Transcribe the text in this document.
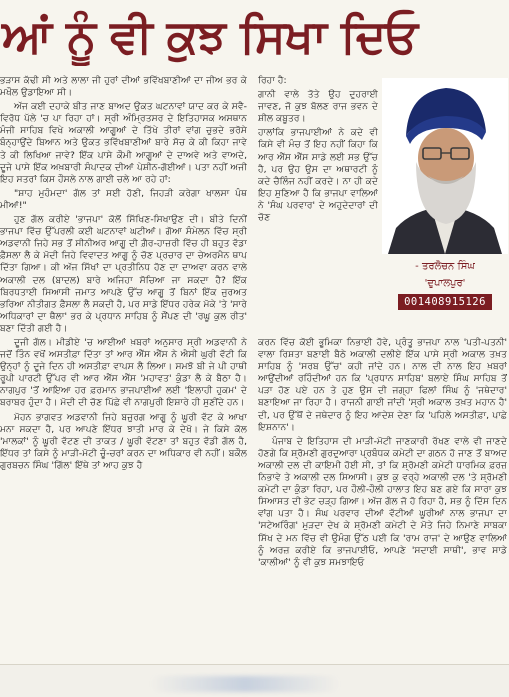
ਆਂ ਨੂੰ ਵੀ ਕੁਝ ਸਿਖਾ ਦਿਓ

ਭੜਾਸ ਕੱਢੀ ਸੀ ਅਤੇ ਲਾਲਾ ਜੀ ਹੁਰਾਂ ਦੀਆਂ ਭਵਿੱਖਬਾਣੀਆਂ ਦਾ ਜੀਅ ਭਰ ਕੇ ਮਖੌਲ ਉਡਾਇਆ ਸੀ।

ਅੱਜ ਕਈ ਦਹਾਕੇ ਬੀਤ ਜਾਣ ਬਾਅਦ ਉਕਤ ਘਟਨਾਵਾਂ ਯਾਦ ਕਰ ਕੇ ਸਵੈ-ਵਿਰੋਧ ਪੱਲੇ 'ਚ ਪਾ ਰਿਹਾ ਹਾਂ। ਸ੍ਰੀ ਅੰਮ੍ਰਿਤਸਰ ਦੇ ਇਤਿਹਾਸਕ ਅਸਥਾਨ ਮੰਜੀ ਸਾਹਿਬ ਵਿਖੇ ਅਕਾਲੀ ਆਗੂਆਂ ਦੇ ਤਿੱਖੇ ਤੀਰਾਂ ਵਾਂਗ ਚੁਭਦੇ ਭਰੋਸੇ ਬੰਨ੍ਹਾਉਂਦੇ ਬਿਆਨ ਅਤੇ ਉਕਤ ਭਵਿੱਖਬਾਣੀਆਂ ਬਾਰੇ ਸੋਚ ਕੇ ਕੀ ਕਿਹਾ ਜਾਵੇ ਤੇ ਕੀ ਲਿਖਿਆ ਜਾਵੇ? ਇੱਕ ਪਾਸੇ ਕੌਮੀ ਆਗੂਆਂ ਦੇ ਦਾਅਵੇ ਅਤੇ ਵਾਅਦੇ, ਦੂਜੇ ਪਾਸੇ ਇੱਕ ਅਖ਼ਬਾਰੀ ਸੰਪਾਦਕ ਦੀਆਂ ਪੇਸ਼ੀਨ-ਗੋਈਆਂ। ਪਤਾ ਨਹੀਂ ਅਜੀ ਇਹ ਸਤਰਾਂ ਕਿਸ ਹੌਸਲੇ ਨਾਲ ਗਾਈ ਚਲੇ ਆ ਰਹੇ ਹਾਂ:

"ਸ਼ਾਹ ਮੁਹੰਮਦਾ' ਗੱਲ ਤਾਂ ਸਈ ਹੋਣੀ, ਜਿਹੜੀ ਕਰੇਗਾ ਖਾਲਸਾ ਪੰਥ ਮੀਆਂ!"

ਹੁਣ ਗੱਲ ਕਰੀਏ 'ਭਾਜਪਾ' ਕੋਲੋਂ ਸਿੱਖਿਣ-ਸਿਖਾਉਣ ਦੀ। ਬੀਤੇ ਦਿਨੀਂ ਭਾਜਪਾ ਵਿੱਚ ਉੱਪਰਲੀ ਕਈ ਘਟਨਾਵਾਂ ਘਟੀਆਂ। ਗੋਆ ਸੰਮੇਲਨ ਵਿੱਚ ਸ੍ਰੀ ਅਡਵਾਨੀ ਜਿਹੇ ਸਭ ਤੋਂ ਸੀਨੀਅਰ ਆਗੂ ਦੀ ਗ਼ੈਰ-ਹਾਜ਼ਰੀ ਵਿੱਚ ਹੀ ਬਹੁਤ ਵੱਡਾ ਫ਼ੈਸਲਾ ਲੈ ਕੇ ਮੋਦੀ ਜਿਹੇ ਵਿਵਾਦਤ ਆਗੂ ਨੂੰ ਚੋਣ ਪ੍ਰਚਾਰ ਦਾ ਚੇਅਰਮੈਨ ਥਾਪ ਦਿੱਤਾ ਗਿਆ। ਕੀ ਅੱਜ ਸਿੱਖਾਂ ਦਾ ਪ੍ਰਤੀਨਿਧ ਹੋਣ ਦਾ ਦਾਅਵਾ ਕਰਨ ਵਾਲੇ ਅਕਾਲੀ ਦਲ (ਬਾਦਲ) ਬਾਰੇ ਅਜਿਹਾ ਸੋਚਿਆ ਜਾ ਸਕਦਾ ਹੈ? ਇੱਕ ਬਿਰਧਤਾਈ ਸਿਆਸੀ ਜਮਾਤ ਆਪਣੇ ਉੱਚ ਆਗੂ ਤੋਂ ਬਿਨਾਂ ਇੱਕ ਜੁਰਅਤ ਭਰਿਆ ਨੀਤੀਗਤ ਫ਼ੈਸਲਾ ਲੈ ਸਕਦੀ ਹੈ, ਪਰ ਸਾਡੇ ਇੱਧਰ ਹਰੇਕ ਮੋਕੇ 'ਤੇ 'ਸਾਰੇ ਅਧਿਕਾਰਾਂ ਦਾ ਥੈਲਾ' ਭਰ ਕੇ ਪ੍ਰਧਾਨ ਸਾਹਿਬ ਨੂੰ ਸੌਂਪਣ ਦੀ 'ਰਘੂ ਕੁਲ ਰੀਤ' ਬਣਾ ਦਿੱਤੀ ਗਈ ਹੈ।

ਦੂਜੀ ਗੱਲ। ਮੀਡੀਏ 'ਚ ਆਈਆਂ ਖ਼ਬਰਾਂ ਅਨੁਸਾਰ ਸ੍ਰੀ ਅਡਵਾਨੀ ਨੇ ਜਦੋਂ ਤਿੰਨ ਵਖੋਂ ਅਸਤੀਫ਼ਾ ਦਿੱਤਾ ਤਾਂ ਆਰ ਐੱਸ ਐੱਸ ਨੇ ਐਸੀ ਘੁਰੀ ਵੱਟੀ ਕਿ ਉਨ੍ਹਾਂ ਨੂੰ ਦੂਜੇ ਦਿਨ ਹੀ ਅਸਤੀਫ਼ਾ ਵਾਪਸ ਲੈ ਲਿਆ। ਸਮਝੋ ਬੀ ਜੇ ਪੀ ਹਾਥੀ ਰੂਪੀ ਪਾਰਟੀ ਉੱਪਰ ਵੀ ਆਰ ਐੱਸ ਐੱਸ 'ਮਹਾਵਤ' ਕੁੰਡਾ ਲੈ ਕੇ ਬੈਠਾ ਹੈ। ਨਾਗਪੁਰ 'ਤੋਂ ਆਇਆ ਹਰ ਫ਼ਰਮਾਨ ਭਾਜਪਾਈਆਂ ਲਈ 'ਇਲਾਹੀ ਹੁਕਮ' ਦੇ ਬਰਾਬਰ ਹੁੰਦਾ ਹੈ। ਮੋਦੀ ਦੀ ਚੋਣ ਪਿੱਛੇ ਵੀ ਨਾਗਪੁਰੀ ਇਸ਼ਾਰੇ ਹੀ ਸੁਣੀਂਦੇ ਹਨ।

ਮੋਹਨ ਭਾਗਵਤ ਅਡਵਾਨੀ ਜਿਹੇ ਬਜ਼ੁਰਗ ਆਗੂ ਨੂੰ ਘੂਰੀ ਵੱਟ ਕੇ ਆਖਾ ਮਨਾ ਸਕਦਾ ਹੈ, ਪਰ ਆਪਣੇ ਇੱਧਰ ਝਾਤੀ ਮਾਰ ਕੇ ਦੇਖੋ। ਜੇ ਕਿਸੇ ਕੋਲ 'ਮਾਲਕਾਂ' ਨੂੰ ਘੂਰੀ ਵੱਟਣ ਦੀ ਤਾਕਤ / ਘੂਰੀ ਵੱਟਣਾ ਤਾਂ ਬਹੁਤ ਵੱਡੀ ਗੱਲ ਹੈ, ਇੱਧਰ ਤਾਂ ਕਿਸੇ ਨੂੰ ਮਾੜੀ-ਮੋਟੀ ਚੂੰ-ਚਰਾਂ ਕਰਨ ਦਾ ਅਧਿਕਾਰ ਵੀ ਨਹੀਂ। ਬਕੌਲ ਗੁਰਬਚਨ ਸਿੰਘ 'ਗਿੱਲ' ਇੱਥੇ ਤਾਂ ਆਹ ਕੁਝ ਹੈ

ਰਿਹਾ ਹੈ:

ਗਾਨੀ ਵਾਲੇ ਤੋਤੇ ਉਹ ਦੁਹਰਾਈ ਜਾਵਣ, ਜੋ ਕੁਝ ਬੋਲਣ ਰਾਜ ਭਵਨ ਦੇ ਸ਼ੀਲ ਕਬੂਤਰ।

ਹਾਲਾਂਕਿ ਭਾਜਪਾਈਆਂ ਨੇ ਕਦੇ ਵੀ ਕਿਸੇ ਵੀ ਮੰਚ ਤੋਂ ਇਹ ਨਹੀਂ ਕਿਹਾ ਕਿ ਆਰ ਐੱਸ ਐੱਸ ਸਾਡੇ ਲਈ ਸਭ ਉੱਚ ਹੈ, ਪਰ ਉਹ ਉਸ ਦਾ ਅਥਾਰਟੀ ਨੂੰ ਕਦੇ ਚੈਲਿੰਜ ਨਹੀਂ ਕਰਦੇ। ਨਾ ਹੀ ਕਦੇ ਇਹ ਸੁਣਿਆ ਹੈ ਕਿ ਭਾਜਪਾ ਵਾਲਿਆਂ ਨੇ 'ਸੰਘ ਪਰਵਾਰ' ਦੇ ਅਹੁਦੇਦਾਰਾਂ ਦੀ ਚੋਣ

- ਤਰਲੋਚਨ ਸਿੰਘ
'ਦੁਪਾਲਪੁਰ'
001408915126

ਕਰਨ ਵਿੱਚ ਕੋਈ ਭੂਮਿਕਾ ਨਿਭਾਈ ਹੋਵੇ, ਪ੍ਰੰਤੂ ਭਾਜਪਾ ਨਾਲ 'ਪਤੀ-ਪਤਨੀ' ਵਾਲਾ ਰਿਸ਼ਤਾ ਬਣਾਈ ਬੈਠੇ ਅਕਾਲੀ ਦਲੀਏ ਇੱਕ ਪਾਸੇ ਸ੍ਰੀ ਅਕਾਲ ਤਖ਼ਤ ਸਾਹਿਬ ਨੂੰ 'ਸਰਬ ਉੱਚ' ਕਹੀ ਜਾਂਦੇ ਹਨ। ਨਾਲ ਦੀ ਨਾਲ ਇਹ ਖ਼ਬਰਾਂ ਆਉਂਦੀਆਂ ਰਹਿੰਦੀਆਂ ਹਨ ਕਿ 'ਪ੍ਰਧਾਨ ਸਾਹਿਬ' ਬਲਾਏ ਸਿੰਘ ਸਾਹਿਬ ਤੋਂ ਪੜਾ ਹੋਣ ਪਏ ਹਨ ਤੇ ਹੁਣ ਉਸ ਦੀ ਜਗ੍ਹਾ ਫਿਲਾਂ ਸਿੰਘ ਨੂੰ 'ਜਥੇਦਾਰ' ਬਣਾਇਆ ਜਾ ਰਿਹਾ ਹੈ। ਰਾਜਨੀ ਗਾਈ ਜਾਂਦੀ 'ਸ੍ਰੀ ਅਕਾਲ ਤਖ਼ਤ ਮਹਾਨ ਹੈ' ਦੀ, ਪਰ ਉੱਥੋਂ ਦੇ ਜਥੇਦਾਰ ਨੂੰ ਇਹ ਆਦੇਸ਼ ਦੇਣਾ ਕਿ 'ਪਹਿਲੇ ਅਸਤੀਫ਼ਾ, ਪਾਛੇ ਇਸ਼ਨਾਨ'।

ਪੰਜਾਬ ਦੇ ਇਤਿਹਾਸ ਦੀ ਮਾੜੀ-ਮੋਟੀ ਜਾਣਕਾਰੀ ਰੱਖਣ ਵਾਲੇ ਵੀ ਜਾਣਦੇ ਹੋਣਗੇ ਕਿ ਸ਼੍ਰੋਮਣੀ ਗੁਰਦੁਆਰਾ ਪ੍ਰਬੰਧਕ ਕਮੇਟੀ ਦਾ ਗਠਨ ਹੋ ਜਾਣ ਤੋਂ ਬਾਅਦ ਅਕਾਲੀ ਦਲ ਦੀ ਕਾਇਮੀ ਹੋਈ ਸੀ, ਤਾਂ ਕਿ ਸ਼੍ਰੋਮਣੀ ਕਮੇਟੀ ਧਾਰਮਿਕ ਫ਼ਰਜ਼ ਨਿਭਾਵੇ ਤੇ ਅਕਾਲੀ ਦਲ ਸਿਆਸੀ। ਕੁਝ ਕੁ ਵਰ੍ਹੇ ਅਕਾਲੀ ਦਲ 'ਤੇ ਸ਼੍ਰੋਮਣੀ ਕਮੇਟੀ ਦਾ ਕੁੰਡਾ ਰਿਹਾ, ਪਰ ਹੌਲੀ-ਹੌਲੀ ਹਾਲਾਤ ਇਹ ਬਣ ਗਏ ਕਿ ਸਾਰਾ ਕੁਝ ਸਿਆਸਤ ਦੀ ਭੇਟ ਚੜ੍ਹ ਗਿਆ। ਅੱਜ ਗੱਲ ਜੋ ਹੋ ਰਿਹਾ ਹੈ, ਸਭ ਨੂੰ ਦਿੱਸ ਦਿਨ ਵਾਂਗ ਪਤਾ ਹੈ। ਸੰਘ ਪਰਵਾਰ ਦੀਆਂ ਵੱਟੀਆਂ ਘੂਰੀਆਂ ਨਾਲ ਭਾਜਪਾ ਦਾ 'ਸਟੇਅਰਿੰਗ' ਮੁੜਦਾ ਦੇਖ ਕੇ ਸ਼੍ਰੋਮਣੀ ਕਮੇਟੀ ਦੇ ਮੋਤੇ ਜਿਹੇ ਨਿਮਾਣੇ ਸਾਬਕਾ ਸਿੱਖ ਦੇ ਮਨ ਵਿੱਚ ਵੀ ਉਮੰਗ ਉੱਠ ਪਈ ਕਿ 'ਰਾਮ ਰਾਜ' ਦੇ ਆਉਣ ਵਾਲਿਆਂ ਨੂੰ ਅਰਜ਼ ਕਰੀਏ ਕਿ ਭਾਜਪਾਈਓ, ਆਪਣੇ 'ਸਦਾਈ ਸਾਥੀ', ਭਾਵ ਸਾਡੇ 'ਕਾਲੀਆਂ' ਨੂੰ ਵੀ ਕੁਝ ਸਮਝਾਇਓ
